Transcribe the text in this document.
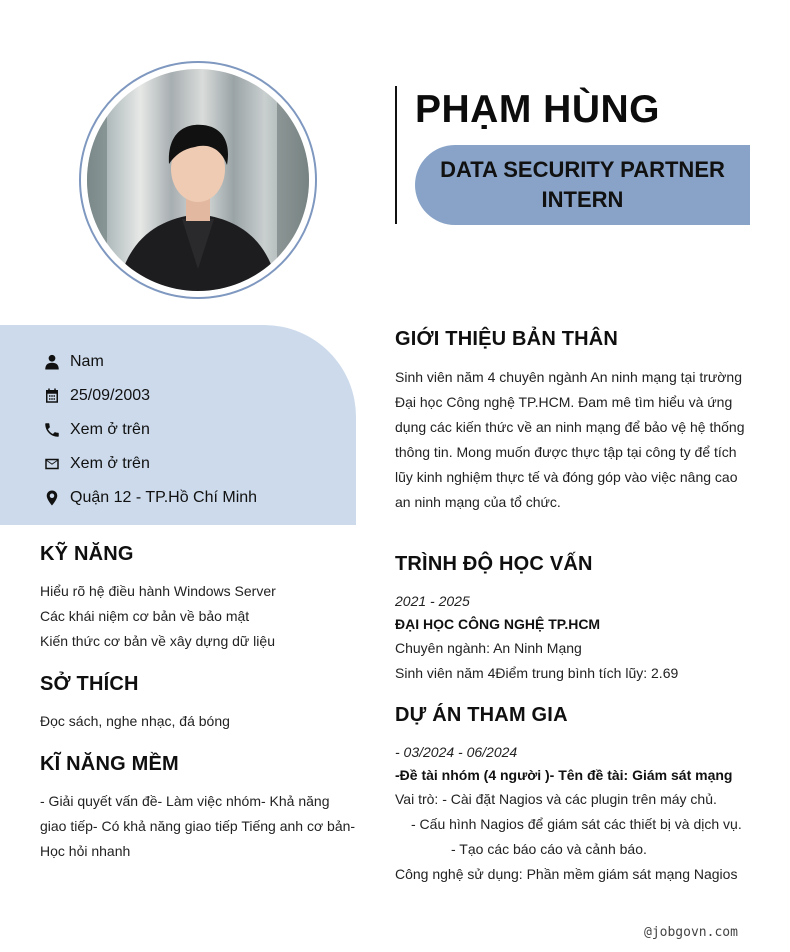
PHẠM HÙNG
DATA SECURITY PARTNER INTERN
Nam
25/09/2003
Xem ở trên
Xem ở trên
Quận 12 - TP.Hồ Chí Minh
KỸ NĂNG
Hiểu rõ hệ điều hành Windows Server
Các khái niệm cơ bản về bảo mật
Kiến thức cơ bản về xây dựng dữ liệu
SỞ THÍCH
Đọc sách, nghe nhạc, đá bóng
KĨ NĂNG MỀM
- Giải quyết vấn đề- Làm việc nhóm- Khả năng giao tiếp- Có khả năng giao tiếp Tiếng anh cơ bản- Học hỏi nhanh
GIỚI THIỆU BẢN THÂN
Sinh viên năm 4 chuyên ngành An ninh mạng tại trường Đại học Công nghệ TP.HCM. Đam mê tìm hiểu và ứng dụng các kiến thức về an ninh mạng để bảo vệ hệ thống thông tin. Mong muốn được thực tập tại công ty để tích lũy kinh nghiệm thực tế và đóng góp vào việc nâng cao an ninh mạng của tổ chức.
TRÌNH ĐỘ HỌC VẤN
2021 - 2025
ĐẠI HỌC CÔNG NGHỆ TP.HCM
Chuyên ngành: An Ninh Mạng
Sinh viên năm 4Điểm trung bình tích lũy: 2.69
DỰ ÁN THAM GIA
- 03/2024 - 06/2024
-Đề tài nhóm (4 người )- Tên đề tài: Giám sát mạng
Vai trò: - Cài đặt Nagios và các plugin trên máy chủ.
- Cấu hình Nagios để giám sát các thiết bị và dịch vụ.
- Tạo các báo cáo và cảnh báo.
Công nghệ sử dụng: Phần mềm giám sát mạng Nagios
@jobgovn.com
